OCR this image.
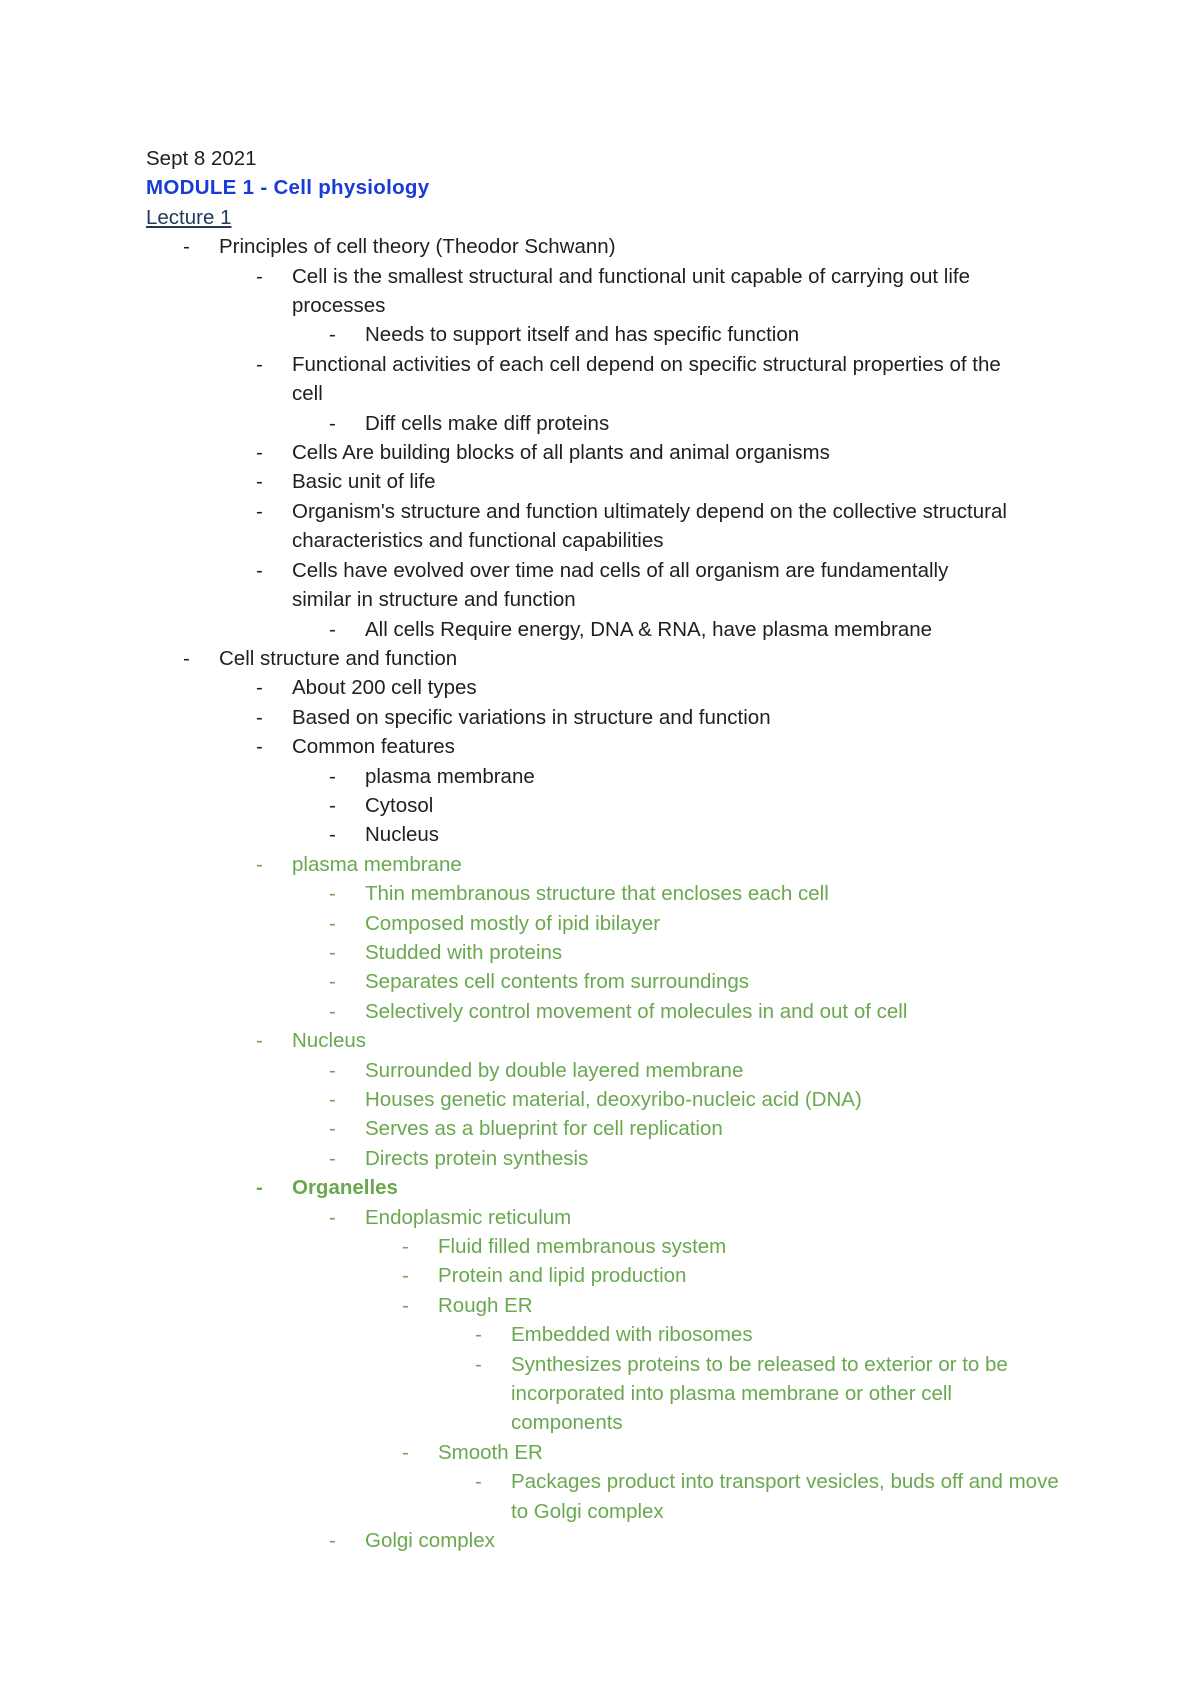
Sept 8 2021
MODULE 1 - Cell physiology
Lecture 1
- Principles of cell theory (Theodor Schwann)
- Cell is the smallest structural and functional unit capable of carrying out life processes
- Needs to support itself and has specific function
- Functional activities of each cell depend on specific structural properties of the cell
- Diff cells make diff proteins
- Cells Are building blocks of all plants and animal organisms
- Basic unit of life
- Organism's structure and function ultimately depend on the collective structural characteristics and functional capabilities
- Cells have evolved over time nad cells of all organism are fundamentally similar in structure and function
- All cells Require energy, DNA & RNA, have plasma membrane
- Cell structure and function
- About 200 cell types
- Based on specific variations in structure and function
- Common features
- plasma membrane
- Cytosol
- Nucleus
- plasma membrane
- Thin membranous structure that encloses each cell
- Composed mostly of ipid ibilayer
- Studded with proteins
- Separates cell contents from surroundings
- Selectively control movement of molecules in and out of cell
- Nucleus
- Surrounded by double layered membrane
- Houses genetic material, deoxyribo-nucleic acid (DNA)
- Serves as a blueprint for cell replication
- Directs protein synthesis
- Organelles
- Endoplasmic reticulum
- Fluid filled membranous system
- Protein and lipid production
- Rough ER
- Embedded with ribosomes
- Synthesizes proteins to be released to exterior or to be incorporated into plasma membrane or other cell components
- Smooth ER
- Packages product into transport vesicles, buds off and move to Golgi complex
- Golgi complex
